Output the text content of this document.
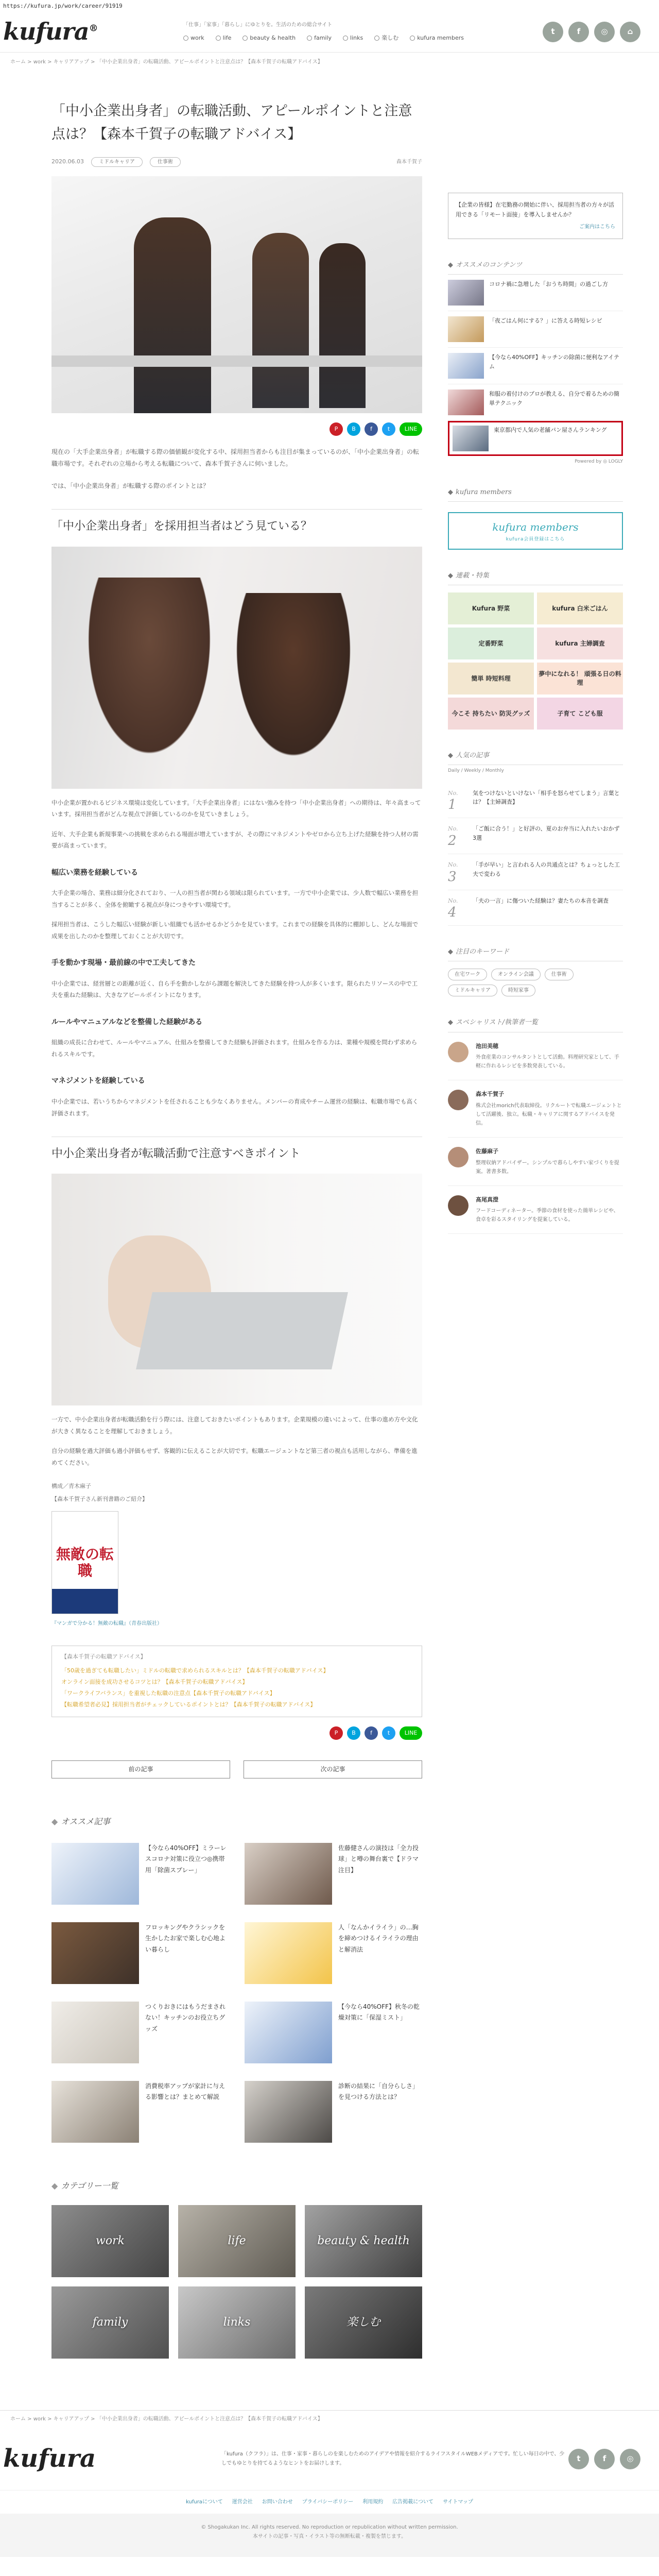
https://kufura.jp/work/career/91919
kufura®	「仕事」「家事」「暮らし」にゆとりを。生活のための総合サイト
work	life	beauty & health	family	links	楽しむ	kufura members
t	f	◎	⌂
ホーム > work > キャリアアップ > 「中小企業出身者」の転職活動、アピールポイントと注意点は？【森本千賀子の転職アドバイス】
「中小企業出身者」の転職活動、アピールポイントと注意点は？【森本千賀子の転職アドバイス】
2020.06.03	ミドルキャリア	仕事術	森本千賀子
P	B	f	t	LINE

現在の「大手企業出身者」が転職する際の価値観が変化する中、採用担当者からも注目が集まっているのが、「中小企業出身者」の転職市場です。それぞれの立場から考える転職について、森本千賀子さんに伺いました。

では、「中小企業出身者」が転職する際のポイントとは？

「中小企業出身者」を採用担当者はどう見ている？

中小企業が置かれるビジネス環境は変化しています。「大手企業出身者」にはない強みを持つ「中小企業出身者」への期待は、年々高まっています。採用担当者がどんな視点で評価しているのかを見ていきましょう。

近年、大手企業も新規事業への挑戦を求められる場面が増えていますが、その際にマネジメントやゼロから立ち上げた経験を持つ人材の需要が高まっています。

幅広い業務を経験している

大手企業の場合、業務は細分化されており、一人の担当者が関わる領域は限られています。一方で中小企業では、少人数で幅広い業務を担当することが多く、全体を俯瞰する視点が身につきやすい環境です。

採用担当者は、こうした幅広い経験が新しい組織でも活かせるかどうかを見ています。これまでの経験を具体的に棚卸しし、どんな場面で成果を出したのかを整理しておくことが大切です。

手を動かす現場・最前線の中で工夫してきた

中小企業では、経営層との距離が近く、自ら手を動かしながら課題を解決してきた経験を持つ人が多くいます。限られたリソースの中で工夫を重ねた経験は、大きなアピールポイントになります。

ルールやマニュアルなどを整備した経験がある

組織の成長に合わせて、ルールやマニュアル、仕組みを整備してきた経験も評価されます。仕組みを作る力は、業種や規模を問わず求められるスキルです。

マネジメントを経験している

中小企業では、若いうちからマネジメントを任されることも少なくありません。メンバーの育成やチーム運営の経験は、転職市場でも高く評価されます。

中小企業出身者が転職活動で注意すべきポイント

一方で、中小企業出身者が転職活動を行う際には、注意しておきたいポイントもあります。企業規模の違いによって、仕事の進め方や文化が大きく異なることを理解しておきましょう。

自分の経験を過大評価も過小評価もせず、客観的に伝えることが大切です。転職エージェントなど第三者の視点も活用しながら、準備を進めてください。

構成／青木麻子

【森本千賀子さん新刊書籍のご紹介】

無敵の転職

『マンガで分かる！無敵の転職』（青春出版社）

【森本千賀子の転職アドバイス】
「50歳を過ぎても転職したい」ミドルの転職で求められるスキルとは？【森本千賀子の転職アドバイス】
オンライン面接を成功させるコツとは？【森本千賀子の転職アドバイス】
「ワークライフバランス」を重視した転職の注意点【森本千賀子の転職アドバイス】
【転職希望者必見】採用担当者がチェックしているポイントとは？【森本千賀子の転職アドバイス】
P	B	f	t	LINE
前の記事	次の記事
◆ オススメ記事
【今なら40%OFF】ミラーレスコロナ対策に役立つ◎携帯用「除菌スプレー」
佐藤健さんの演技は「全力投球」と噂の舞台裏で【ドラマ注目】
フロッキングやクラシックを生かしたお家で楽しむ心地よい暮らし
人「なんかイライラ」の…胸を締めつけるイライラの理由と解消法
つくりおきにはもうだまされない！キッチンのお役立ちグッズ
【今なら40%OFF】秋冬の乾燥対策に「保湿ミスト」
消費税率アップが家計に与える影響とは？まとめて解説
診断の結果に「自分らしさ」を見つける方法とは？
◆ カテゴリー一覧
work	life	beauty & health
family	links	楽しむ
【企業の皆様】在宅勤務の開始に伴い、採用担当者の方々が活用できる「リモート面接」を導入しませんか？
ご案内はこちら
◆ オススメのコンテンツ
コロナ禍に急増した「おうち時間」の過ごし方
「夜ごはん何にする？」に答える時短レシピ
【今なら40%OFF】キッチンの除菌に便利なアイテム
和服の着付けのプロが教える、自分で着るための簡単テクニック
東京都内で人気の老舗パン屋さんランキング
Powered by ◎ LOGLY
◆ kufura members
kufura members
kufura会員登録はこちら
◆ 連載・特集
Kufura 野菜	kufura 白米ごはん
定番野菜	kufura 主婦調査
簡単 時短料理
夢中になれる！ 頑張る日の料理
今こそ 持ちたい 防災グッズ	子育て こども服
◆ 人気の記事
Daily / Weekly / Monthly
No.
1
気をつけないといけない「相手を怒らせてしまう」言葉とは？【主婦調査】
No.
2
「ご飯に合う！」と好評の、夏のお弁当に入れたいおかず3選
No.
3
「手が早い」と言われる人の共通点とは？ちょっとした工夫で変わる
No.
4
「夫の一言」に傷ついた経験は？妻たちの本音を調査
◆ 注目のキーワード
在宅ワーク	オンライン会議	仕事術
ミドルキャリア	時短家事
◆ スペシャリスト/執筆者一覧
池田美穂
外食産業のコンサルタントとして活動。料理研究家として、手軽に作れるレシピを多数発表している。
森本千賀子
株式会社morich代表取締役。リクルートで転職エージェントとして活躍後、独立。転職・キャリアに関するアドバイスを発信。
佐藤麻子
整理収納アドバイザー。シンプルで暮らしやすい家づくりを提案。著書多数。
髙尾真澄
フードコーディネーター。季節の食材を使った簡単レシピや、食卓を彩るスタイリングを提案している。
ホーム > work > キャリアアップ > 「中小企業出身者」の転職活動、アピールポイントと注意点は？【森本千賀子の転職アドバイス】
kufura	「kufura（クフラ）」は、仕事・家事・暮らしのを楽しむためのアイデアや情報を紹介するライフスタイルWEBメディアです。忙しい毎日の中で、少しでもゆとりを持てるようなヒントをお届けします。
t	f	◎
kufuraについて 運営会社 お問い合わせ プライバシーポリシー 利用規約 広告掲載について サイトマップ
© Shogakukan Inc. All rights reserved. No reproduction or republication without written permission.
本サイトの記事・写真・イラスト等の無断転載・複製を禁じます。
